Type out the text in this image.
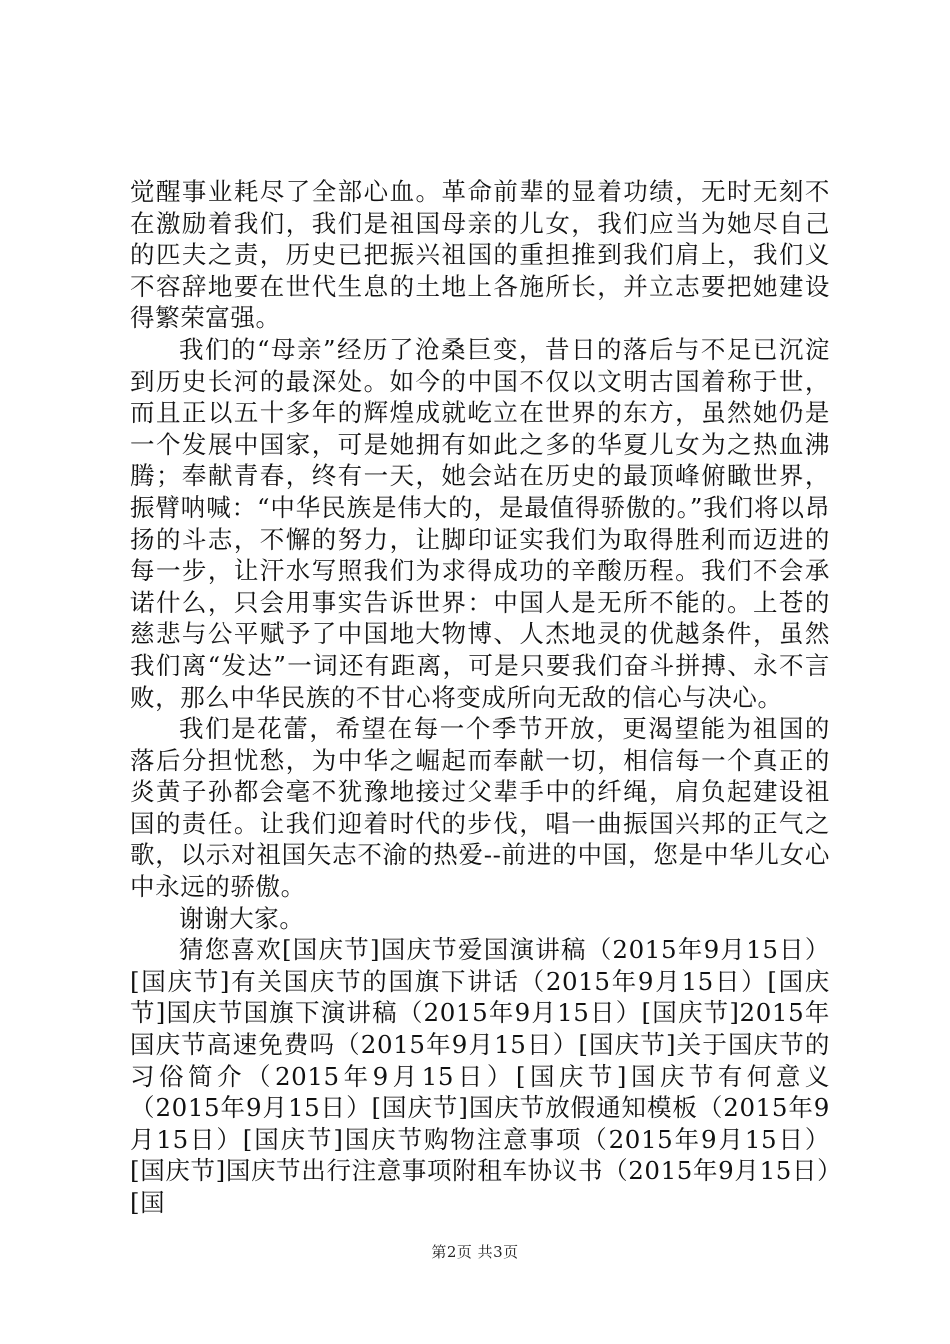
觉醒事业耗尽了全部心血。革命前辈的显着功绩，无时无刻不在激励着我们，我们是祖国母亲的儿女，我们应当为她尽自己的匹夫之责，历史已把振兴祖国的重担推到我们肩上，我们义不容辞地要在世代生息的土地上各施所长，并立志要把她建设得繁荣富强。

我们的“母亲”经历了沧桑巨变，昔日的落后与不足已沉淀到历史长河的最深处。如今的中国不仅以文明古国着称于世，而且正以五十多年的辉煌成就屹立在世界的东方，虽然她仍是一个发展中国家，可是她拥有如此之多的华夏儿女为之热血沸腾；奉献青春，终有一天，她会站在历史的最顶峰俯瞰世界，振臂呐喊：“中华民族是伟大的，是最值得骄傲的。”我们将以昂扬的斗志，不懈的努力，让脚印证实我们为取得胜利而迈进的每一步，让汗水写照我们为求得成功的辛酸历程。我们不会承诺什么，只会用事实告诉世界：中国人是无所不能的。上苍的慈悲与公平赋予了中国地大物博、人杰地灵的优越条件，虽然我们离“发达”一词还有距离，可是只要我们奋斗拼搏、永不言败，那么中华民族的不甘心将变成所向无敌的信心与决心。

我们是花蕾，希望在每一个季节开放，更渴望能为祖国的落后分担忧愁，为中华之崛起而奉献一切，相信每一个真正的炎黄子孙都会毫不犹豫地接过父辈手中的纤绳，肩负起建设祖国的责任。让我们迎着时代的步伐，唱一曲振国兴邦的正气之歌，以示对祖国矢志不渝的热爱--前进的中国，您是中华儿女心中永远的骄傲。

谢谢大家。

猜您喜欢[国庆节]国庆节爱国演讲稿（2015年9月15日）[国庆节]有关国庆节的国旗下讲话（2015年9月15日）[国庆节]国庆节国旗下演讲稿（2015年9月15日）[国庆节]2015年国庆节高速免费吗（2015年9月15日）[国庆节]关于国庆节的习俗简介（2015年9月15日）[国庆节]国庆节有何意义（2015年9月15日）[国庆节]国庆节放假通知模板（2015年9月15日）[国庆节]国庆节购物注意事项（2015年9月15日）[国庆节]国庆节出行注意事项附租车协议书（2015年9月15日）[国

第2页 共3页
